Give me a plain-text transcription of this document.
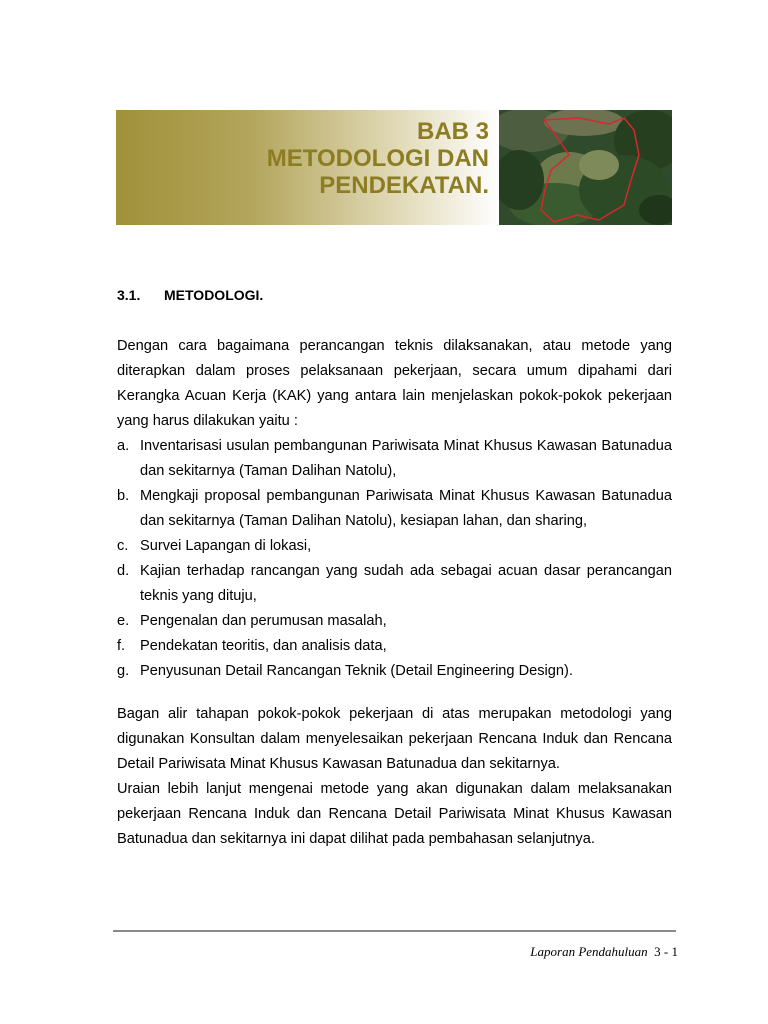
BAB 3
METODOLOGI DAN
PENDEKATAN.
3.1. METODOLOGI.

Dengan cara bagaimana perancangan teknis dilaksanakan, atau metode yang diterapkan dalam proses pelaksanaan pekerjaan, secara umum dipahami dari Kerangka Acuan Kerja (KAK) yang antara lain menjelaskan pokok-pokok pekerjaan yang harus dilakukan yaitu :

a. Inventarisasi usulan pembangunan Pariwisata Minat Khusus Kawasan Batunadua dan sekitarnya (Taman Dalihan Natolu),
b. Mengkaji proposal pembangunan Pariwisata Minat Khusus Kawasan Batunadua dan sekitarnya (Taman Dalihan Natolu), kesiapan lahan, dan sharing,
c. Survei Lapangan di lokasi,
d. Kajian terhadap rancangan yang sudah ada sebagai acuan dasar perancangan teknis yang dituju,
e. Pengenalan dan perumusan masalah,
f. Pendekatan teoritis, dan analisis data,
g. Penyusunan Detail Rancangan Teknik (Detail Engineering Design).

Bagan alir tahapan pokok-pokok pekerjaan di atas merupakan metodologi yang digunakan Konsultan dalam menyelesaikan pekerjaan Rencana Induk dan Rencana Detail Pariwisata Minat Khusus Kawasan Batunadua dan sekitarnya.

Uraian lebih lanjut mengenai metode yang akan digunakan dalam melaksanakan pekerjaan Rencana Induk dan Rencana Detail Pariwisata Minat Khusus Kawasan Batunadua dan sekitarnya ini dapat dilihat pada pembahasan selanjutnya.

Laporan Pendahuluan 3 - 1
